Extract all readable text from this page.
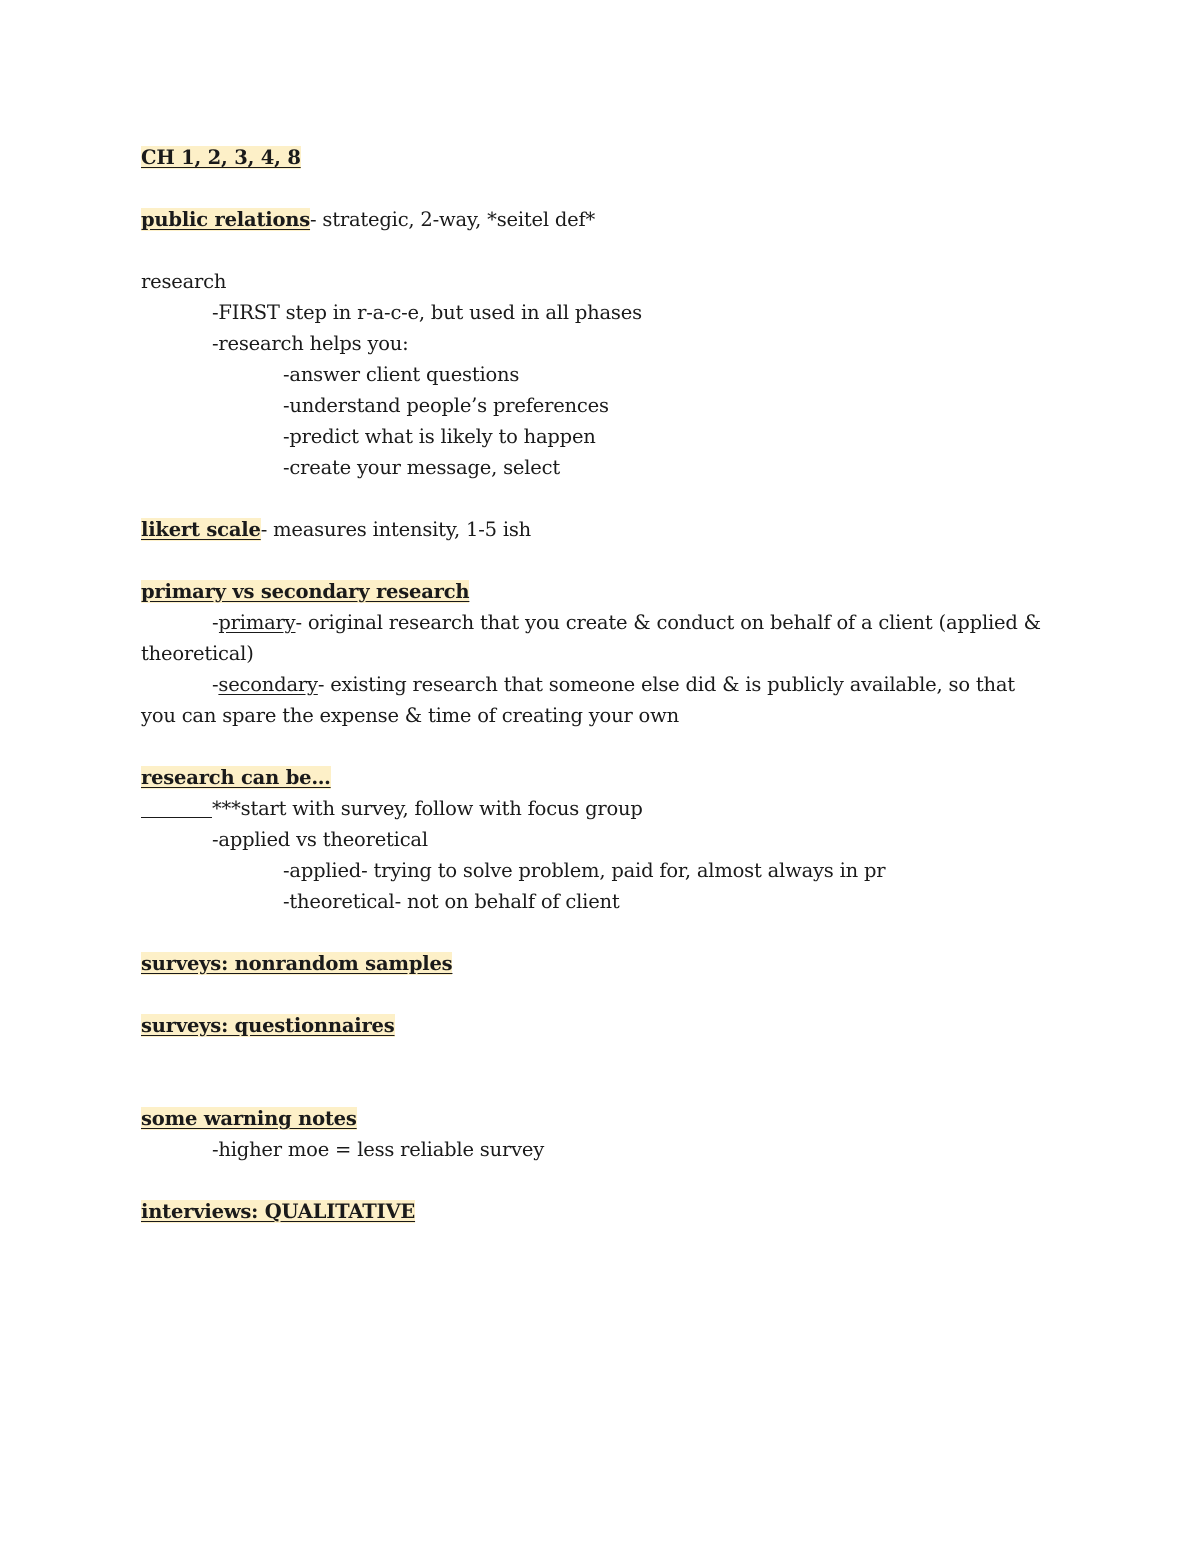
CH 1, 2, 3, 4, 8
public relations- strategic, 2-way, *seitel def*
research
-FIRST step in r-a-c-e, but used in all phases
-research helps you:
-answer client questions
-understand people’s preferences
-predict what is likely to happen
-create your message, select
likert scale- measures intensity, 1-5 ish
primary vs secondary research
-primary- original research that you create & conduct on behalf of a client (applied & theoretical)
-secondary- existing research that someone else did & is publicly available, so that you can spare the expense & time of creating your own
research can be…
***start with survey, follow with focus group
-applied vs theoretical
-applied- trying to solve problem, paid for, almost always in pr
-theoretical- not on behalf of client
surveys: nonrandom samples
surveys: questionnaires
some warning notes
-higher moe = less reliable survey
interviews: QUALITATIVE
